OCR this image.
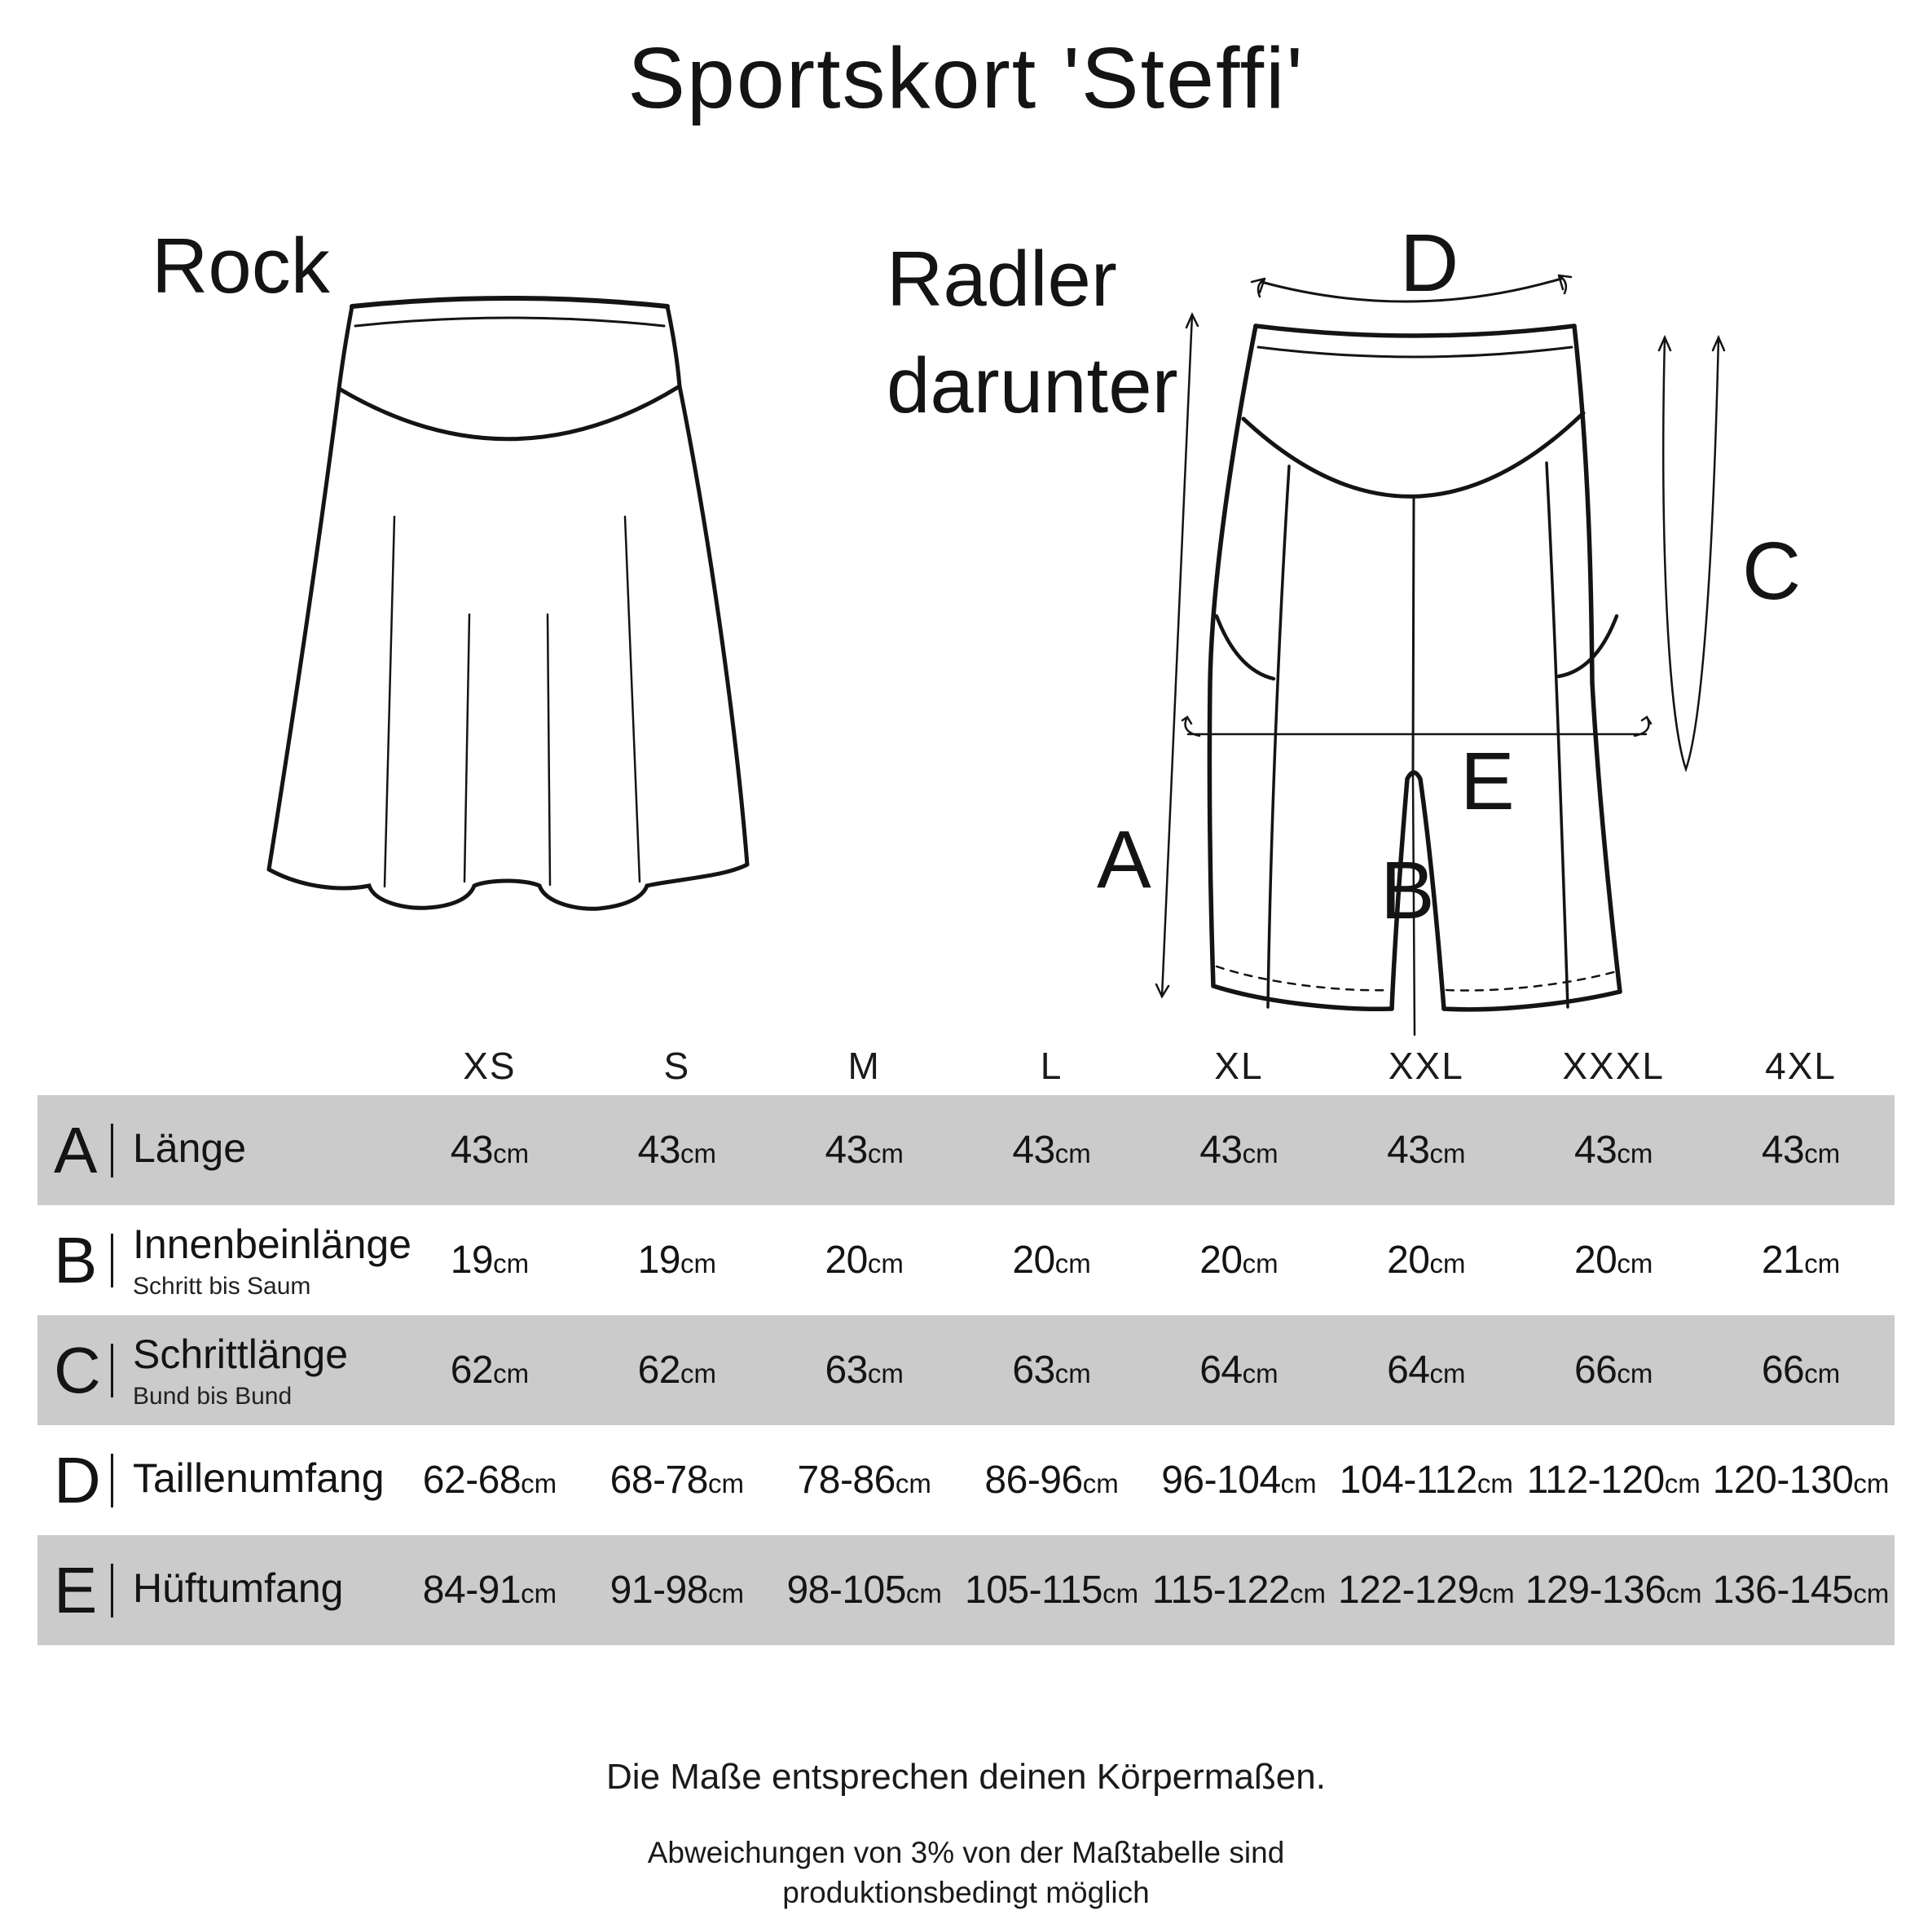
Sportskort 'Steffi'
Rock	Radler
darunter
A	B
C
D
E
XS	S	M	L	XL	XXL	XXXL	4XL
A Länge	43cm	43cm	43cm	43cm	43cm	43cm	43cm	43cm
B Innenbeinlänge
Schritt bis Saum
19cm	19cm	20cm	20cm	20cm	20cm	20cm	21cm
C Schrittlänge
Bund bis Bund
62cm	62cm	63cm	63cm	64cm	64cm	66cm	66cm
D Taillenumfang 62-68cm	68-78cm	78-86cm	86-96cm	96-104cm 104-112cm 112-120cm 120-130cm
E Hüftumfang	84-91cm	91-98cm	98-105cm 105-115cm 115-122cm 122-129cm 129-136cm 136-145cm
Die Maße entsprechen deinen Körpermaßen.
Abweichungen von 3% von der Maßtabelle sind
produktionsbedingt möglich
